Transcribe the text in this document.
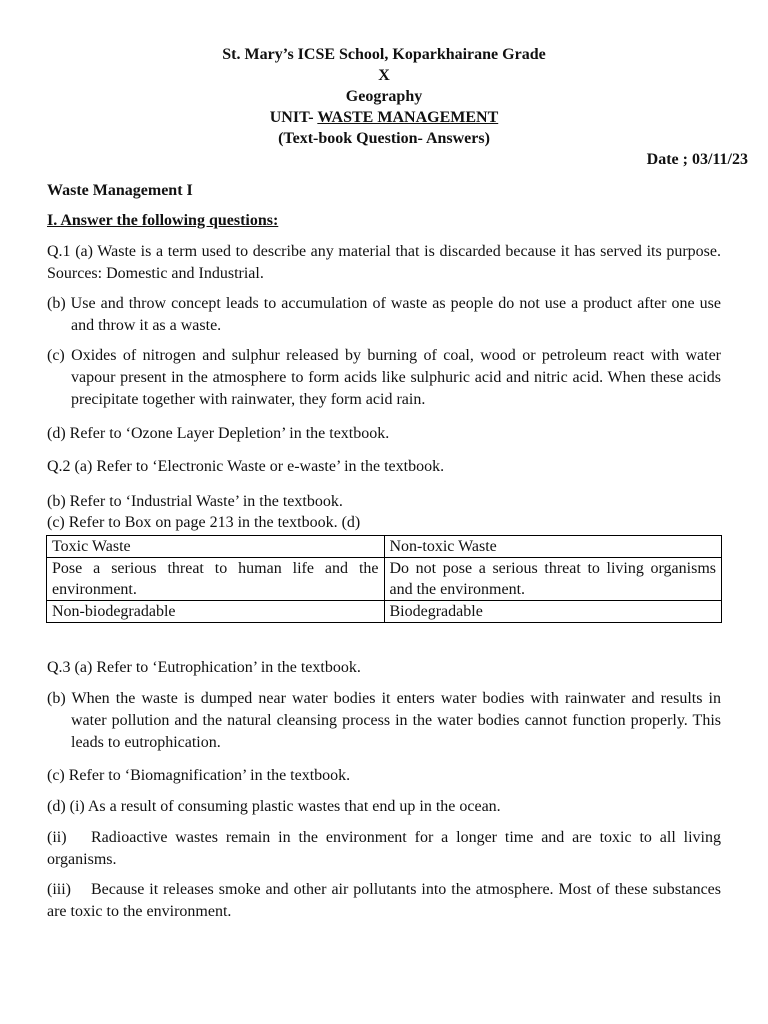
St. Mary’s ICSE School, Koparkhairane Grade
X
Geography
UNIT- WASTE MANAGEMENT
(Text-book Question- Answers)
Date ; 03/11/23
Waste Management I
I. Answer the following questions:
Q.1 (a) Waste is a term used to describe any material that is discarded because it has served its purpose. Sources: Domestic and Industrial.
(b) Use and throw concept leads to accumulation of waste as people do not use a product after one use and throw it as a waste.
(c) Oxides of nitrogen and sulphur released by burning of coal, wood or petroleum react with water vapour present in the atmosphere to form acids like sulphuric acid and nitric acid. When these acids precipitate together with rainwater, they form acid rain.
(d) Refer to ‘Ozone Layer Depletion’ in the textbook.
Q.2 (a) Refer to ‘Electronic Waste or e-waste’ in the textbook.
(b) Refer to ‘Industrial Waste’ in the textbook.
(c) Refer to Box on page 213 in the textbook. (d)
Toxic Waste	Non-toxic Waste
Pose a serious threat to human life and the environment.	Do not pose a serious threat to living organisms and the environment.
Non-biodegradable	Biodegradable
Q.3 (a) Refer to ‘Eutrophication’ in the textbook.
(b) When the waste is dumped near water bodies it enters water bodies with rainwater and results in water pollution and the natural cleansing process in the water bodies cannot function properly. This leads to eutrophication.
(c) Refer to ‘Biomagnification’ in the textbook.
(d) (i) As a result of consuming plastic wastes that end up in the ocean.
(ii) Radioactive wastes remain in the environment for a longer time and are toxic to all living organisms.
(iii) Because it releases smoke and other air pollutants into the atmosphere. Most of these substances are toxic to the environment.
